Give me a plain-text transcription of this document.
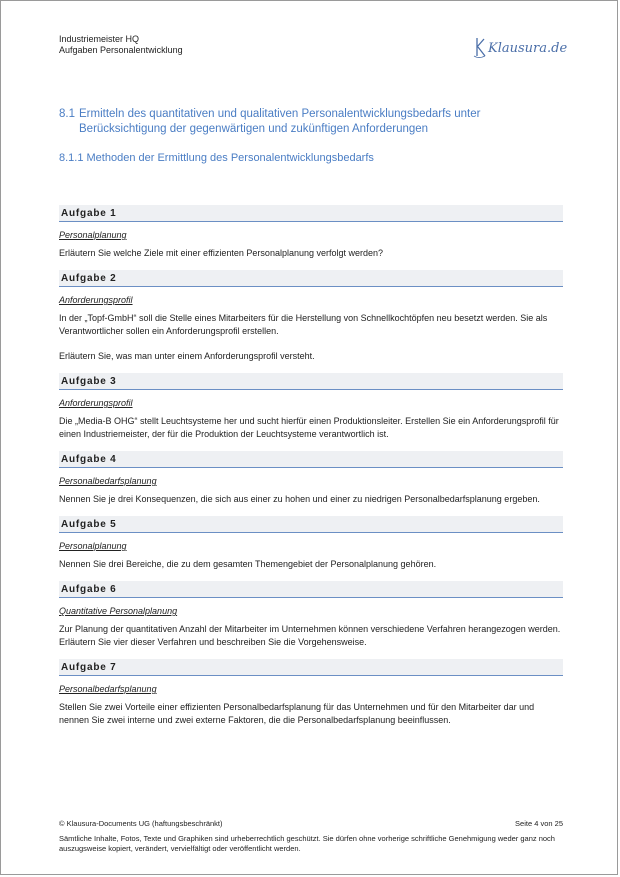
Industriemeister HQ
Aufgaben Personalentwicklung	Klausura.de
8.1 Ermitteln des quantitativen und qualitativen Personalentwicklungsbedarfs unter
Berücksichtigung der gegenwärtigen und zukünftigen Anforderungen
8.1.1 Methoden der Ermittlung des Personalentwicklungsbedarfs
Aufgabe 1
Personalplanung
Erläutern Sie welche Ziele mit einer effizienten Personalplanung verfolgt werden?
Aufgabe 2
Anforderungsprofil
In der „Topf-GmbH“ soll die Stelle eines Mitarbeiters für die Herstellung von Schnellkochtöpfen neu besetzt werden. Sie als Verantwortlicher sollen ein Anforderungsprofil erstellen.
Erläutern Sie, was man unter einem Anforderungsprofil versteht.
Aufgabe 3
Anforderungsprofil
Die „Media-B OHG“ stellt Leuchtsysteme her und sucht hierfür einen Produktionsleiter. Erstellen Sie ein Anforderungsprofil für einen Industriemeister, der für die Produktion der Leuchtsysteme verantwortlich ist.
Aufgabe 4
Personalbedarfsplanung
Nennen Sie je drei Konsequenzen, die sich aus einer zu hohen und einer zu niedrigen Personalbedarfsplanung ergeben.
Aufgabe 5
Personalplanung
Nennen Sie drei Bereiche, die zu dem gesamten Themengebiet der Personalplanung gehören.
Aufgabe 6
Quantitative Personalplanung
Zur Planung der quantitativen Anzahl der Mitarbeiter im Unternehmen können verschiedene Verfahren herangezogen werden. Erläutern Sie vier dieser Verfahren und beschreiben Sie die Vorgehensweise.
Aufgabe 7
Personalbedarfsplanung
Stellen Sie zwei Vorteile einer effizienten Personalbedarfsplanung für das Unternehmen und für den Mitarbeiter dar und nennen Sie zwei interne und zwei externe Faktoren, die die Personalbedarfsplanung beeinflussen.
© Klausura-Documents UG (haftungsbeschränkt)	Seite 4 von 25
Sämtliche Inhalte, Fotos, Texte und Graphiken sind urheberrechtlich geschützt. Sie dürfen ohne vorherige schriftliche Genehmigung weder ganz noch auszugsweise kopiert, verändert, vervielfältigt oder veröffentlicht werden.
